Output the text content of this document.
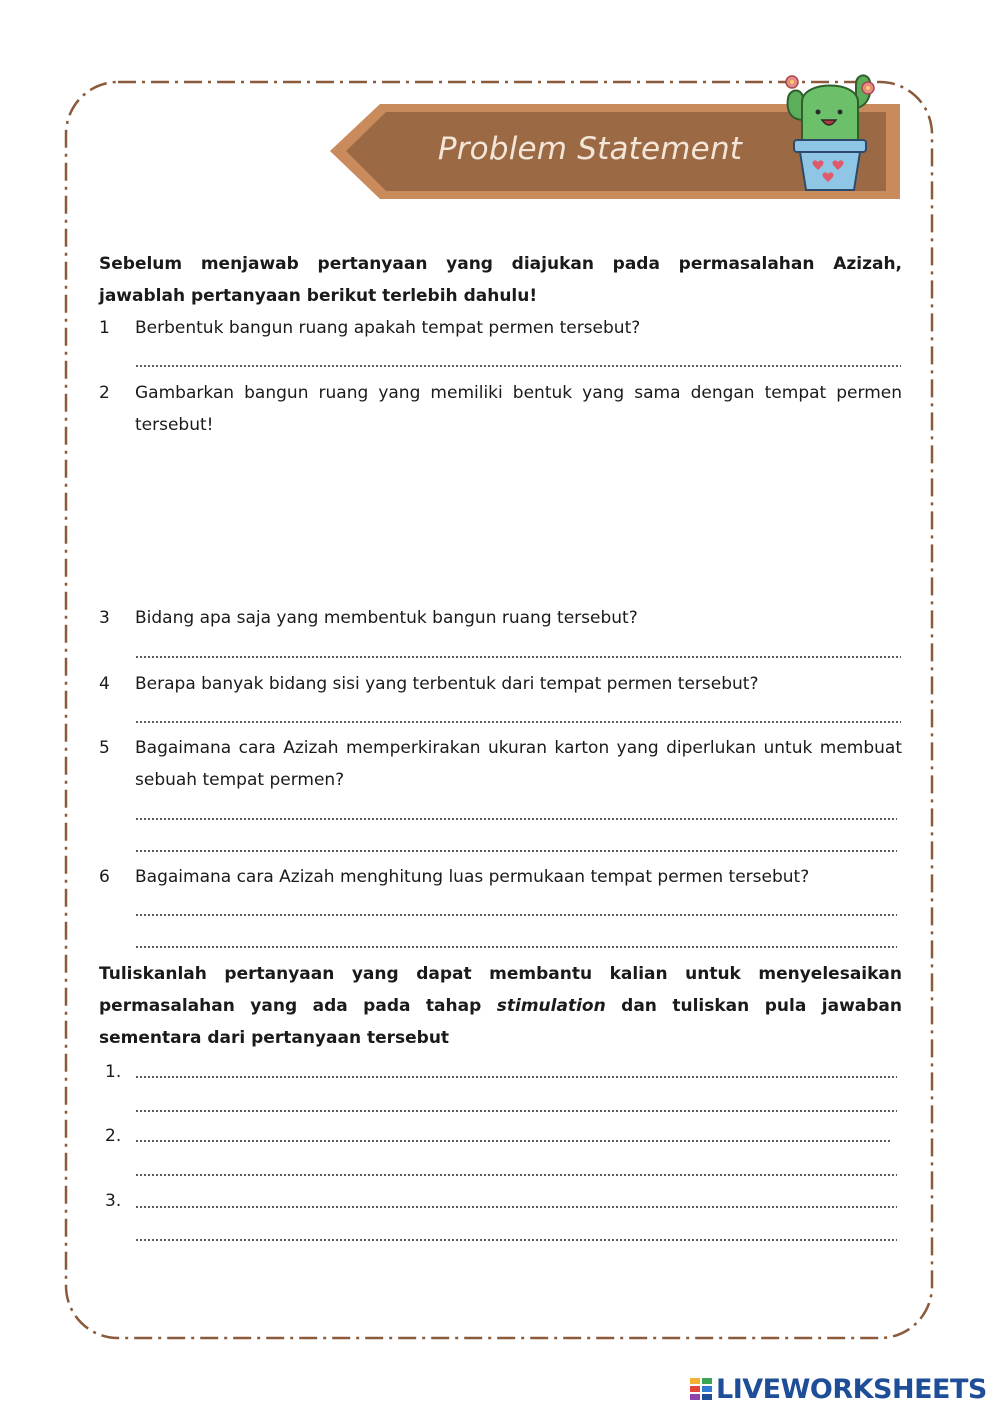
Problem Statement
Sebelum menjawab pertanyaan yang diajukan pada permasalahan Azizah, jawablah pertanyaan berikut terlebih dahulu!
1	Berbentuk bangun ruang apakah tempat permen tersebut?
2	Gambarkan bangun ruang yang memiliki bentuk yang sama dengan tempat permen tersebut!
3	Bidang apa saja yang membentuk bangun ruang tersebut?
4	Berapa banyak bidang sisi yang terbentuk dari tempat permen tersebut?
5	Bagaimana cara Azizah memperkirakan ukuran karton yang diperlukan untuk membuat sebuah tempat permen?
6	Bagaimana cara Azizah menghitung luas permukaan tempat permen tersebut?
Tuliskanlah pertanyaan yang dapat membantu kalian untuk menyelesaikan permasalahan yang ada pada tahap stimulation dan tuliskan pula jawaban sementara dari pertanyaan tersebut
1.
2.
3.
LIVEWORKSHEETS
